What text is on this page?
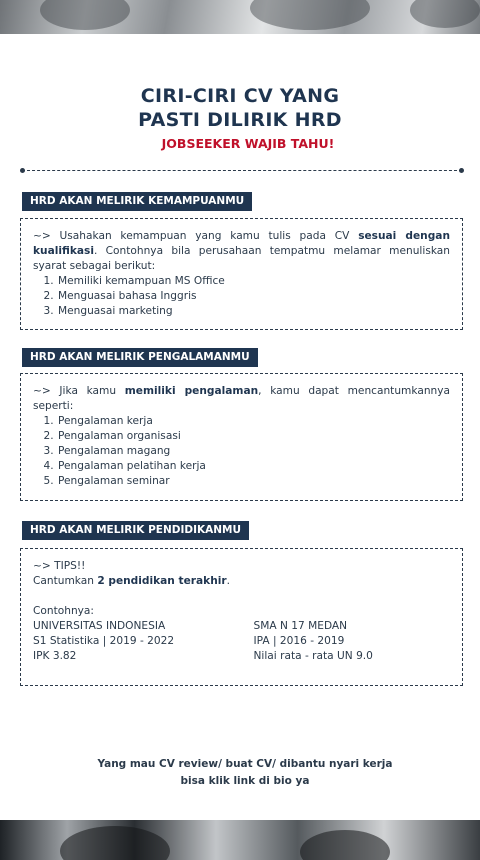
CIRI-CIRI CV YANG
PASTI DILIRIK HRD
JOBSEEKER WAJIB TAHU!
HRD AKAN MELIRIK KEMAMPUANMU

~> Usahakan kemampuan yang kamu tulis pada CV sesuai dengan kualifikasi. Contohnya bila perusahaan tempatmu melamar menuliskan syarat sebagai berikut:

1. Memiliki kemampuan MS Office
2. Menguasai bahasa Inggris
3. Menguasai marketing
HRD AKAN MELIRIK PENGALAMANMU

~> Jika kamu memiliki pengalaman, kamu dapat mencantumkannya seperti:

1. Pengalaman kerja
2. Pengalaman organisasi
3. Pengalaman magang
4. Pengalaman pelatihan kerja
5. Pengalaman seminar
HRD AKAN MELIRIK PENDIDIKANMU

~> TIPS!!

Cantumkan 2 pendidikan terakhir.

Contohnya:

UNIVERSITAS INDONESIA
S1 Statistika | 2019 - 2022
IPK 3.82
SMA N 17 MEDAN
IPA | 2016 - 2019
Nilai rata - rata UN 9.0
Yang mau CV review/ buat CV/ dibantu nyari kerja
bisa klik link di bio ya
